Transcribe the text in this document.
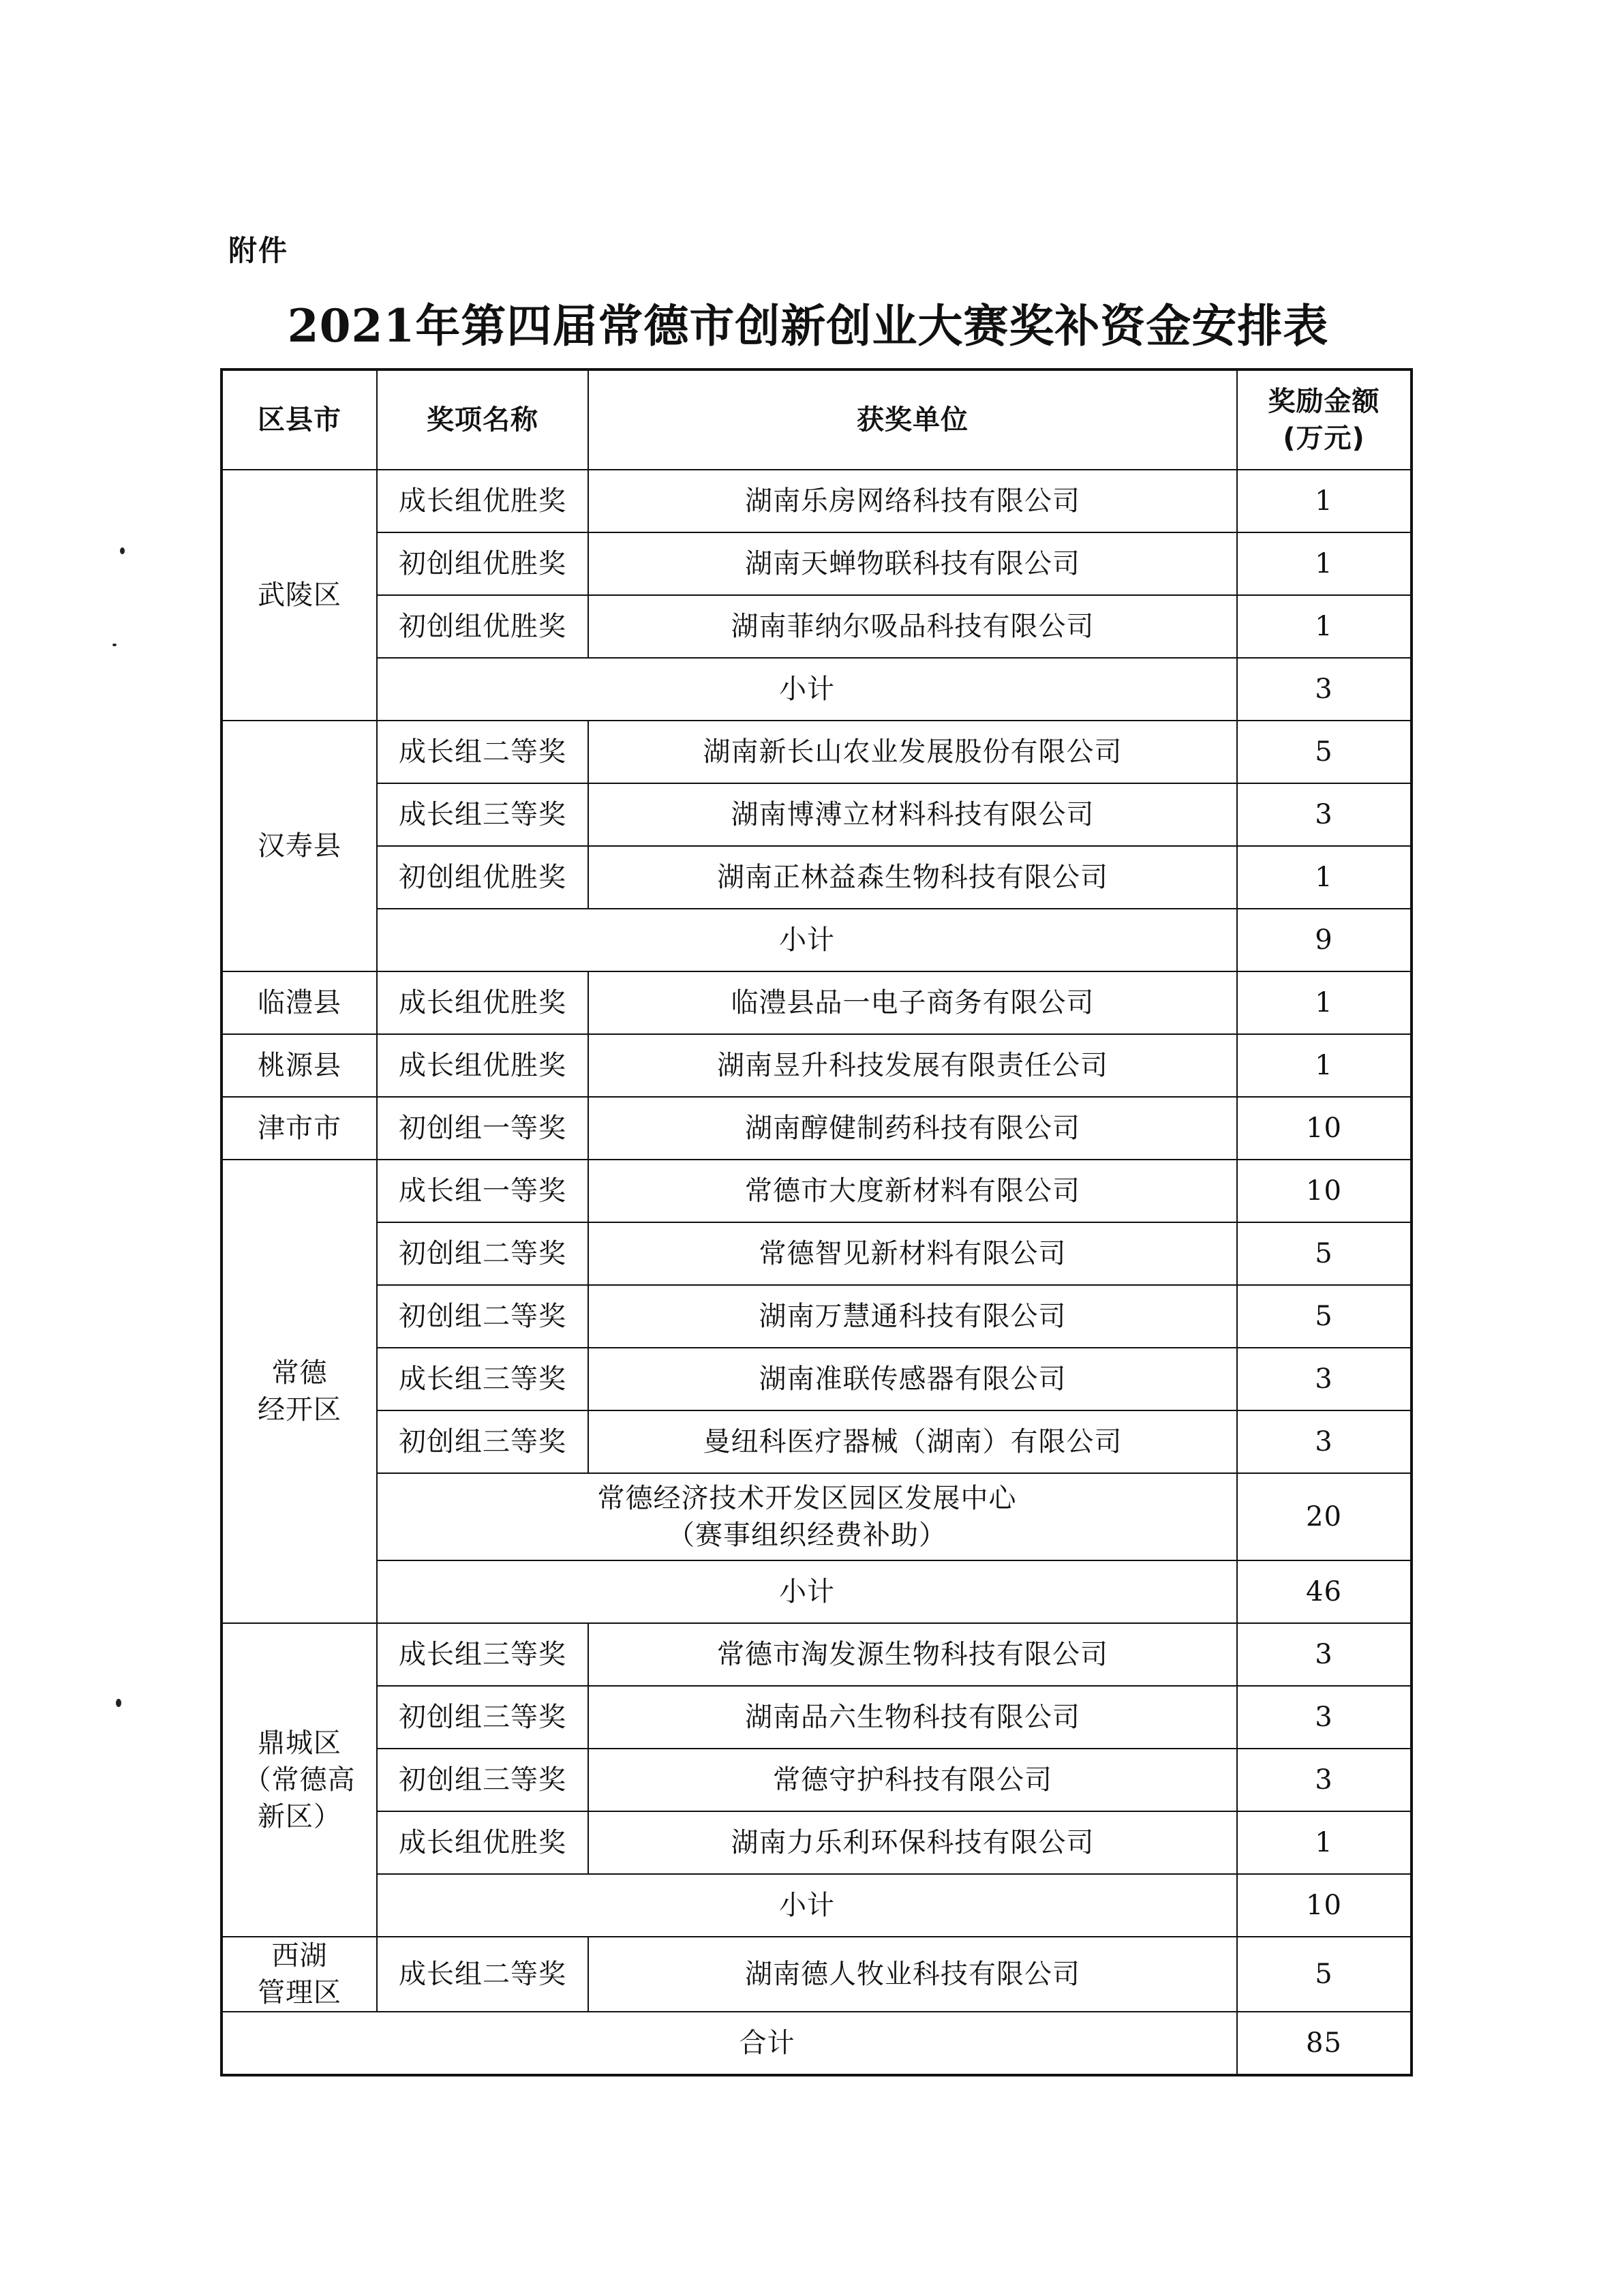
附件
2021年第四届常德市创新创业大赛奖补资金安排表
区县市	奖项名称	获奖单位	奖励金额
(万元)

武陵区	成长组优胜奖	湖南乐房网络科技有限公司	1
	初创组优胜奖	湖南天蝉物联科技有限公司	1
	初创组优胜奖	湖南菲纳尔吸品科技有限公司	1
	小计		3

汉寿县	成长组二等奖	湖南新长山农业发展股份有限公司	5
	成长组三等奖	湖南博溥立材料科技有限公司	3
	初创组优胜奖	湖南正林益森生物科技有限公司	1
	小计		9

临澧县	成长组优胜奖	临澧县品一电子商务有限公司	1

桃源县	成长组优胜奖	湖南昱升科技发展有限责任公司	1

津市市	初创组一等奖	湖南醇健制药科技有限公司	10

常德
经开区	成长组一等奖	常德市大度新材料有限公司	10
	初创组二等奖	常德智见新材料有限公司	5
	初创组二等奖	湖南万慧通科技有限公司	5
	成长组三等奖	湖南准联传感器有限公司	3
	初创组三等奖	曼纽科医疗器械（湖南）有限公司	3

	常德经济技术开发区园区发展中心
（赛事组织经费补助）		20
	小计		46

鼎城区
（常德高
新区）	成长组三等奖	常德市淘发源生物科技有限公司	3
	初创组三等奖	湖南品六生物科技有限公司	3
	初创组三等奖	常德守护科技有限公司	3
	成长组优胜奖	湖南力乐利环保科技有限公司	1
	小计		10

西湖
管理区	成长组二等奖	湖南德人牧业科技有限公司	5
合计			85
